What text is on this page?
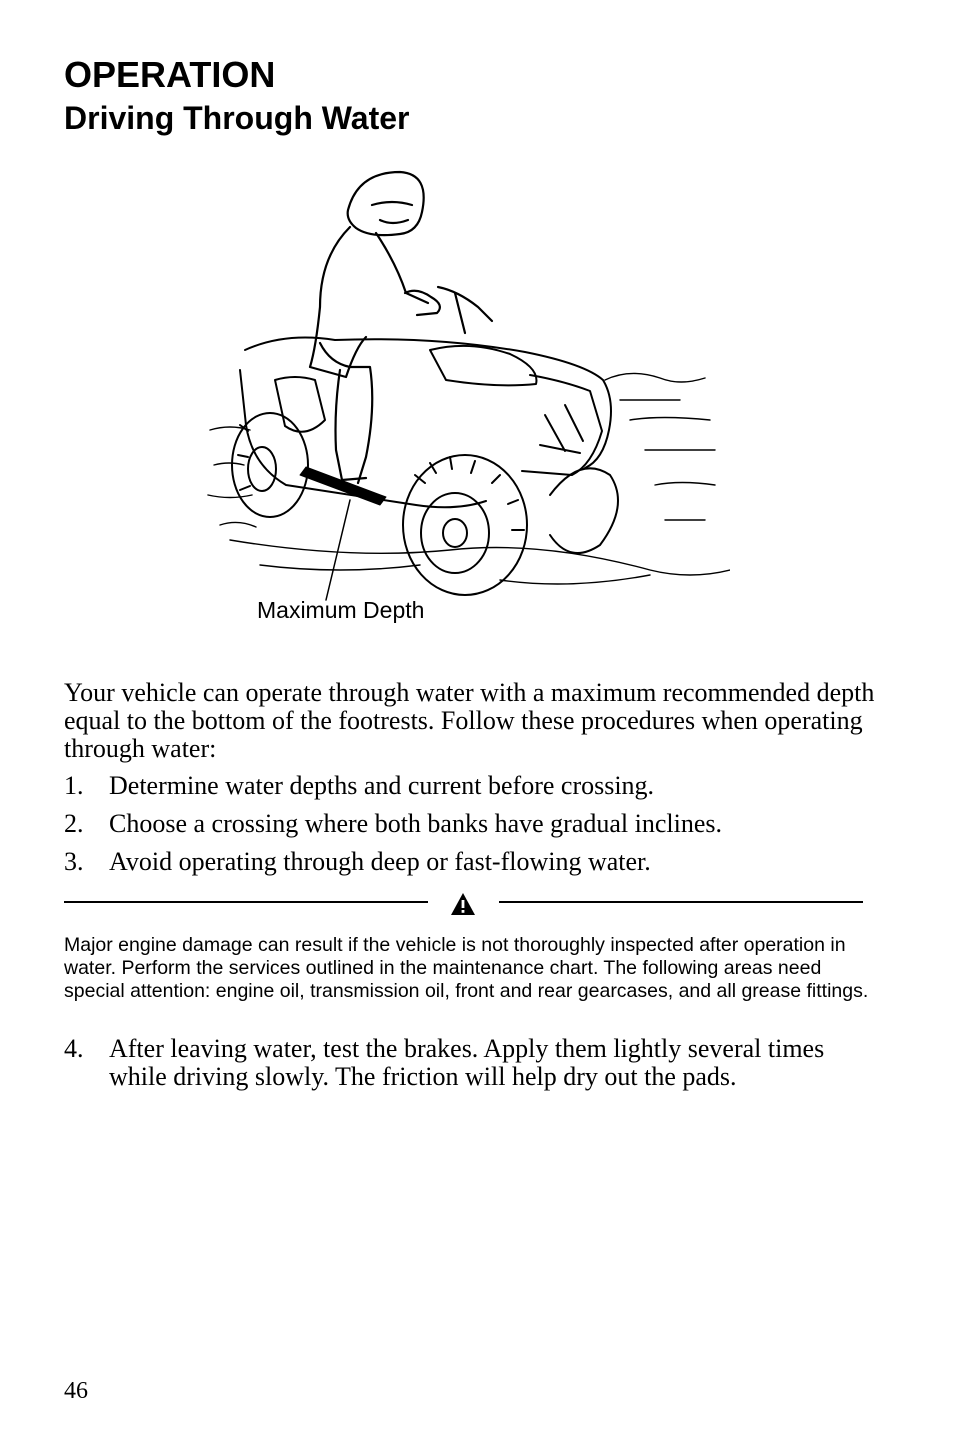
OPERATION
Driving Through Water
Maximum Depth

Your vehicle can operate through water with a maximum recommended depth equal to the bottom of the footrests. Follow these procedures when operating through water:

1. Determine water depths and current before crossing.
2. Choose a crossing where both banks have gradual inclines.
3. Avoid operating through deep or fast-flowing water.

Major engine damage can result if the vehicle is not thoroughly inspected after operation in water. Perform the services outlined in the maintenance chart. The following areas need special attention: engine oil, transmission oil, front and rear gearcases, and all grease fittings.

4. After leaving water, test the brakes. Apply them lightly several times while driving slowly. The friction will help dry out the pads.
46
